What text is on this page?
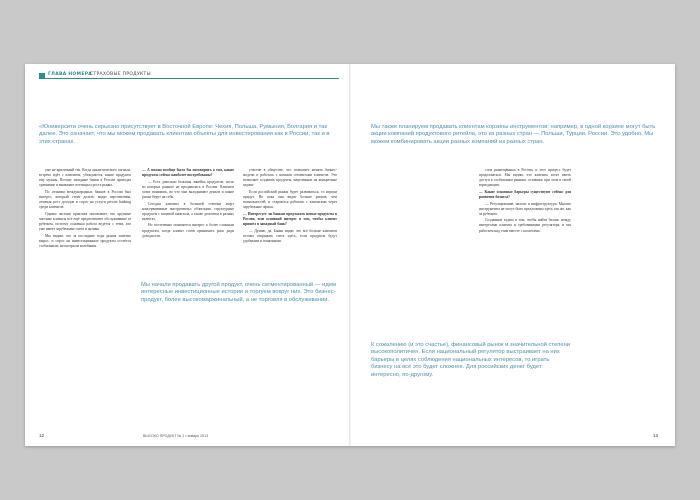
ГЛАВА НОМЕРА
СТРАХОВЫЕ ПРОДУКТЫ
«Юниверсити очень серьезно присутствует в Восточной Европе: Чехия, Польша, Румыния, Болгария и так далее. Это означает, что мы можем продавать клиентам объекты для инвестирования как в России, так и в этих странах.

уже не критичный так. Когда аналитического сигнала, встреча идёт с клиентом, убеждаются, какие продукты ему нужны. Потому западные банки в России проводят сравнение и выявляют потенциал роста рынка.

По отзывам международных банков в России был интерес, который стоит делать: видят перспективы, отмечая рост доходов и спрос на услуги private banking среди клиентов.

Однако частная практика показывает, что крупные частные клиенты всё ещё предпочитают обслуживание за рубежом, поэтому основная работа ведётся с теми, кто уже имеет зарубежные счета и активы.

Мы видим, что за последние годы рынок заметно вырос, и спрос на инвестиционные продукты остаётся стабильным, несмотря на колебания.

— А можно вообще было бы поговорить о том, какие продукты сейчас наиболее востребованы?

— Есть довольно большая линейка продуктов, часть из которых раньше не продавалась в России. Клиенты хотят понимать, во что они вкладывают деньги и какие риски берут на себя.

Сегодня клиенты в большей степени ищут консервативные инструменты: облигации, структурные продукты с защитой капитала, а также депозиты в разных валютах.

Но постепенно появляется интерес к более сложным продуктам, когда клиент готов принимать риск ради доходности.

Мы начали продавать другой продукт, очень сегментированный — идем интересные инвестиционные истории и торгуем вокруг них. Это бизнес-продукт, более высокомаржинальный, а не торговля в обслуживании.

участие в обществе, что позволяет менять бизнес-модели и работать с новыми сегментами клиентов. Это позволяет создавать продукты, нацеленные на конкретные задачи.

Если российский рынок будет развиваться, то игроки придут. Но пока они видят больше рисков, чем возможностей, и стараются работать с клиентами через зарубежные офисы.

— Интересует ли банкам предлагать новые продукты в России, или основной интерес в том, чтобы клиент пришёл в западный банк?

— Думаю, да. Банки видят, что всё больше клиентов готовы открывать счета здесь, если продукты будут удобными и понятными.

Мы также планируем продавать клиентам корзины инструментов: например, в одной корзине могут быть акции компаний продуктового ритейла, это из разных стран — Польши, Турции, России. Это удобно. Мы можем комбинировать акции разных компаний из разных стран.

слов размещённых в России, и этот процесс будет продолжаться. Мы видим, что клиенты хотят иметь доступ к глобальным рынкам, оставаясь при этом в своей юрисдикции.

— Какие основные барьеры существуют сейчас для развития бизнеса?

— Регулирование, налоги и инфраструктура. Многие инструменты не могут быть предложены здесь так же, как за рубежом.

Созданные задача в том, чтобы найти баланс между интересами клиента и требованиями регулятора, и мы работаем над этим вместе с коллегами.

К сожалению (и это счастье), финансовый рынок и значительной степени высокополитичен. Если национальный регулятор выстраивает на них барьеры в целях соблюдения национальных интересов, то играть бизнесу на всё это будет сложнее. Для российских денег будет интересно, по-другому.
12	ВЫСОКО ПРОДУКТ № 1 • январь 2013	13
